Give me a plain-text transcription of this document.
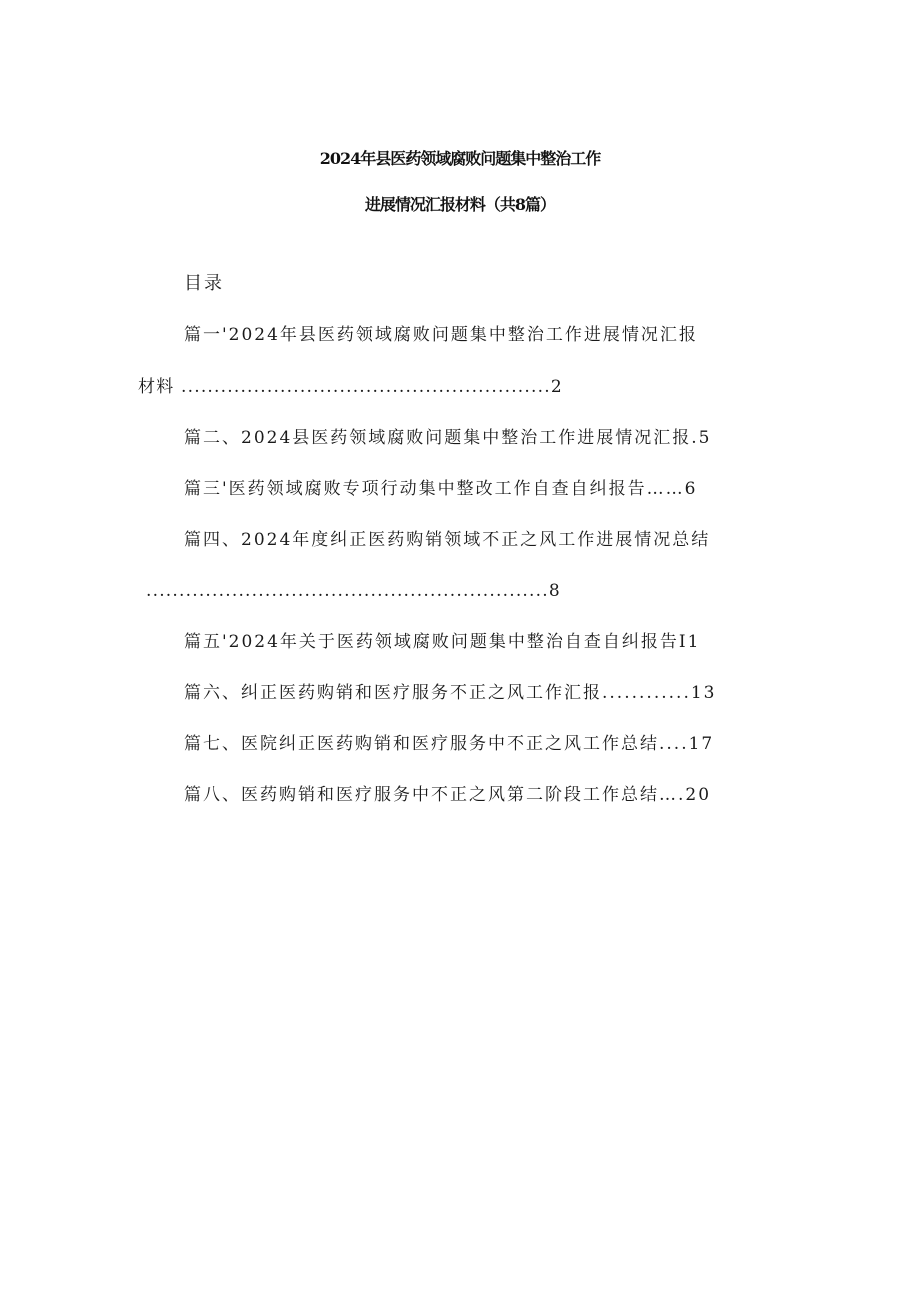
2024年县医药领域腐败问题集中整治工作
进展情况汇报材料（共8篇）
目录
篇一'2024年县医药领域腐败问题集中整治工作进展情况汇报
材料 ........................................................2
篇二、2024县医药领域腐败问题集中整治工作进展情况汇报.5
篇三'医药领域腐败专项行动集中整改工作自查自纠报告……6
篇四、2024年度纠正医药购销领域不正之风工作进展情况总结
.............................................................8
篇五'2024年关于医药领域腐败问题集中整治自查自纠报告I1
篇六、纠正医药购销和医疗服务不正之风工作汇报............13
篇七、医院纠正医药购销和医疗服务中不正之风工作总结....17
篇八、医药购销和医疗服务中不正之风第二阶段工作总结….20
